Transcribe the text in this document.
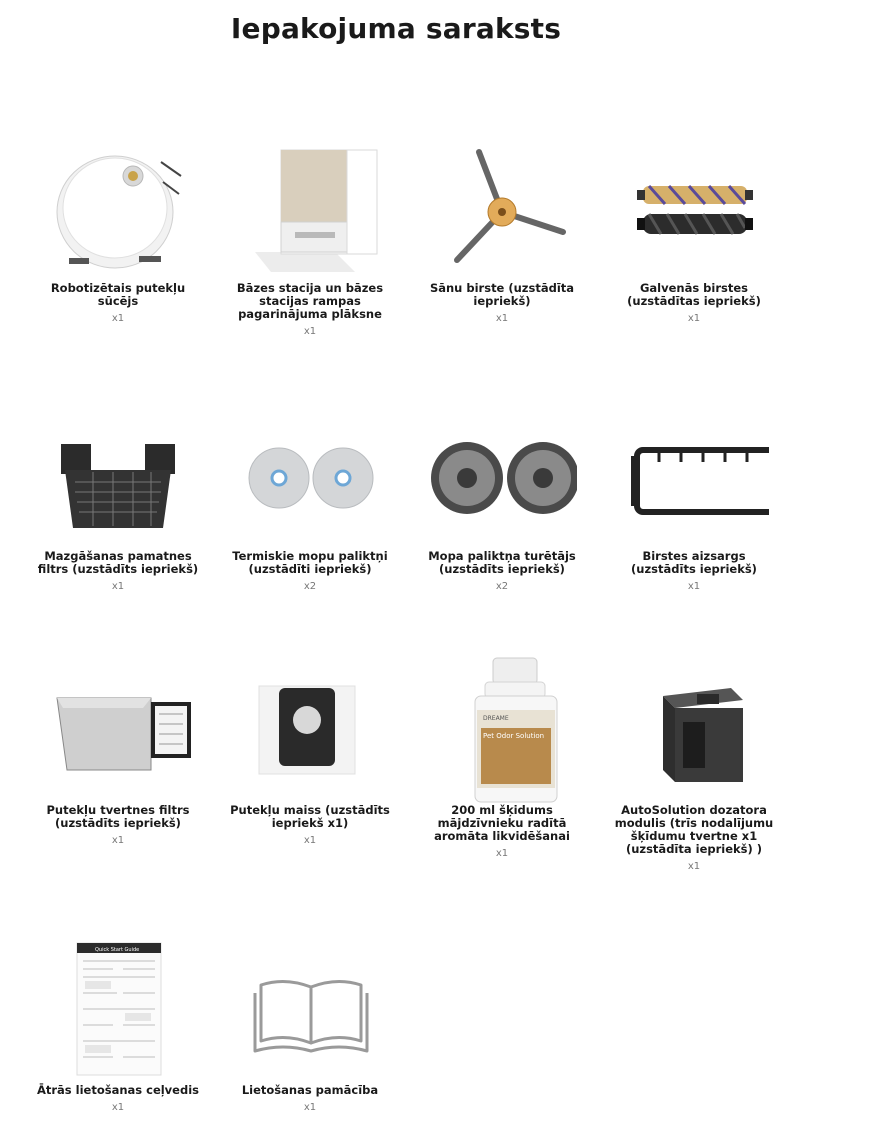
Iepakojuma saraksts
Robotizētais putekļu sūcējs
x1
Bāzes stacija un bāzes stacijas rampas pagarinājuma plāksne
x1
Sānu birste (uzstādīta iepriekš)
x1
Galvenās birstes (uzstādītas iepriekš)
x1
Mazgāšanas pamatnes filtrs (uzstādīts iepriekš)
x1
Termiskie mopu paliktņi (uzstādīti iepriekš)
x2
Mopa paliktņa turētājs (uzstādīts iepriekš)
x2
Birstes aizsargs (uzstādīts iepriekš)
x1
Putekļu tvertnes filtrs (uzstādīts iepriekš)
x1
Putekļu maiss (uzstādīts iepriekš x1)
x1
DREAME
Pet Odor Solution
200 ml šķidums mājdzīvnieku radītā aromāta likvidēšanai
x1
AutoSolution dozatora modulis (trīs nodalījumu šķīdumu tvertne x1 (uzstādīta iepriekš) )
x1
Quick Start Guide
Ātrās lietošanas ceļvedis
x1
Lietošanas pamācība
x1
